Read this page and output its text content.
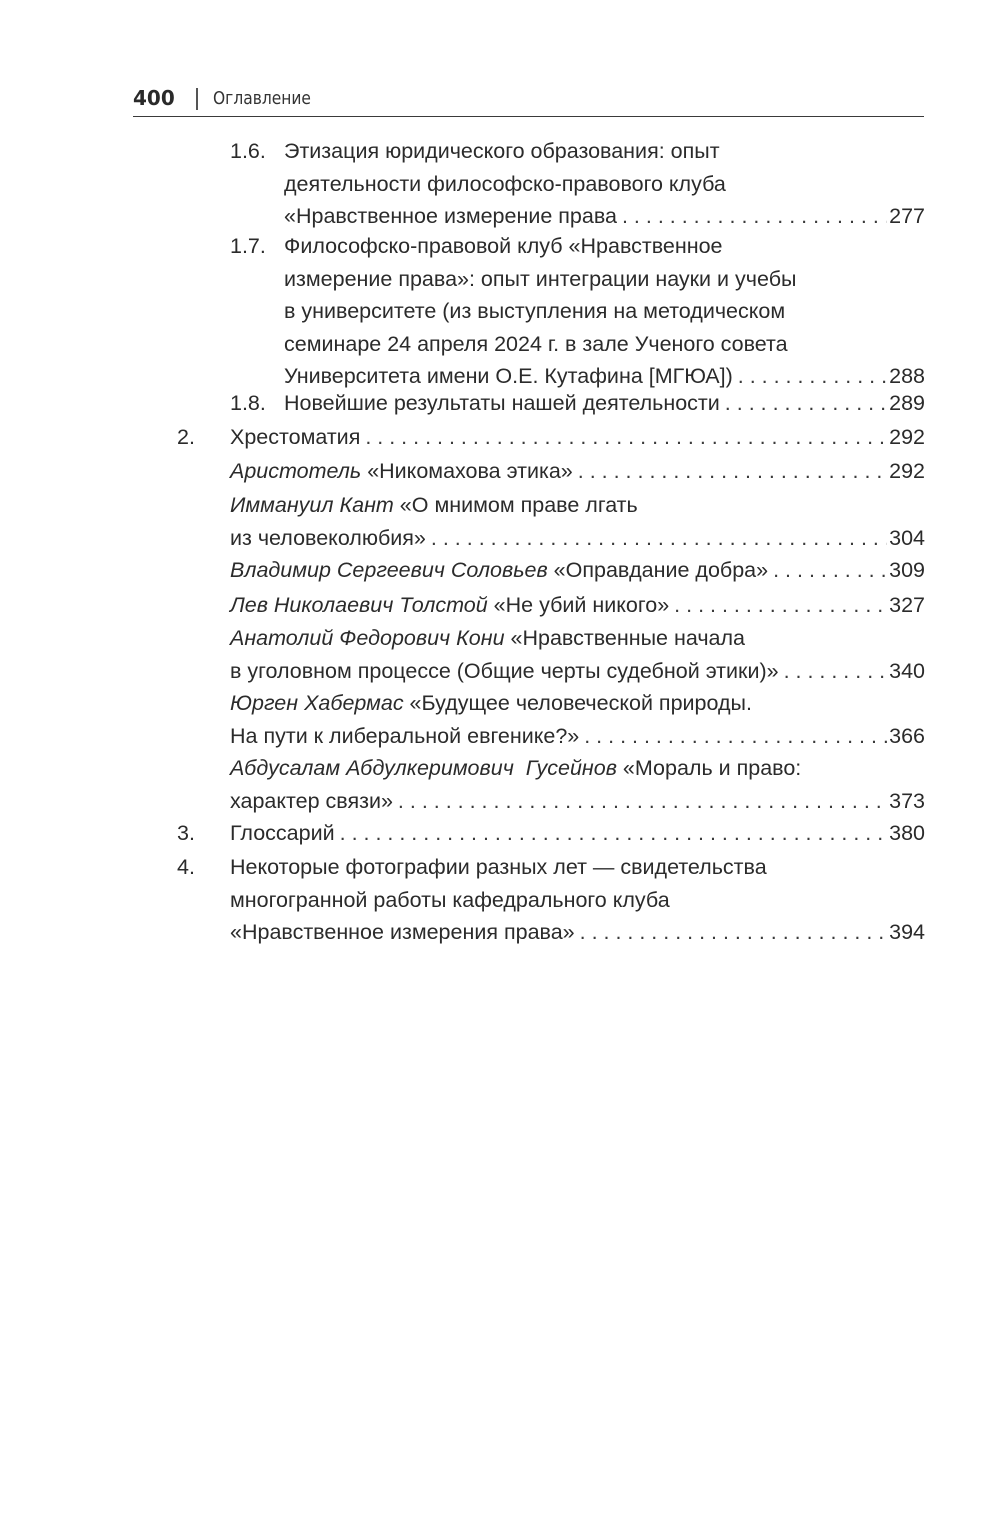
400 Оглавление
1.6. Этизация юридического образования: опыт
деятельности философско-правового клуба
«Нравственное измерение права . . .	277
1.7. Философско-правовой клуб «Нравственное
измерение права»: опыт интеграции науки и учебы
в университете (из выступления на методическом
семинаре 24 апреля 2024 г. в зале Ученого совета
Университета имени О.Е. Кутафина [МГЮА]) . . .	288
1.8. Новейшие результаты нашей деятельности . . .	289
2. Хрестоматия . . .	292
Аристотель «Никомахова этика» . . .	292
Иммануил Кант «О мнимом праве лгать
из человеколюбия» . . .	304
Владимир Сергеевич Соловьев «Оправдание добра» . . .	309
Лев Николаевич Толстой «Не убий никого» . . .	327
Анатолий Федорович Кони «Нравственные начала
в уголовном процессе (Общие черты судебной этики)» . . .	340
Юрген Хабермас «Будущее человеческой природы.
На пути к либеральной евгенике?» . . .	366
Абдусалам Абдулкеримович  Гусейнов «Мораль и право:
характер связи» . . .	373
3. Глоссарий . . .	380
4. Некоторые фотографии разных лет — свидетельства
многогранной работы кафедрального клуба
«Нравственное измерения права» . . .	394
